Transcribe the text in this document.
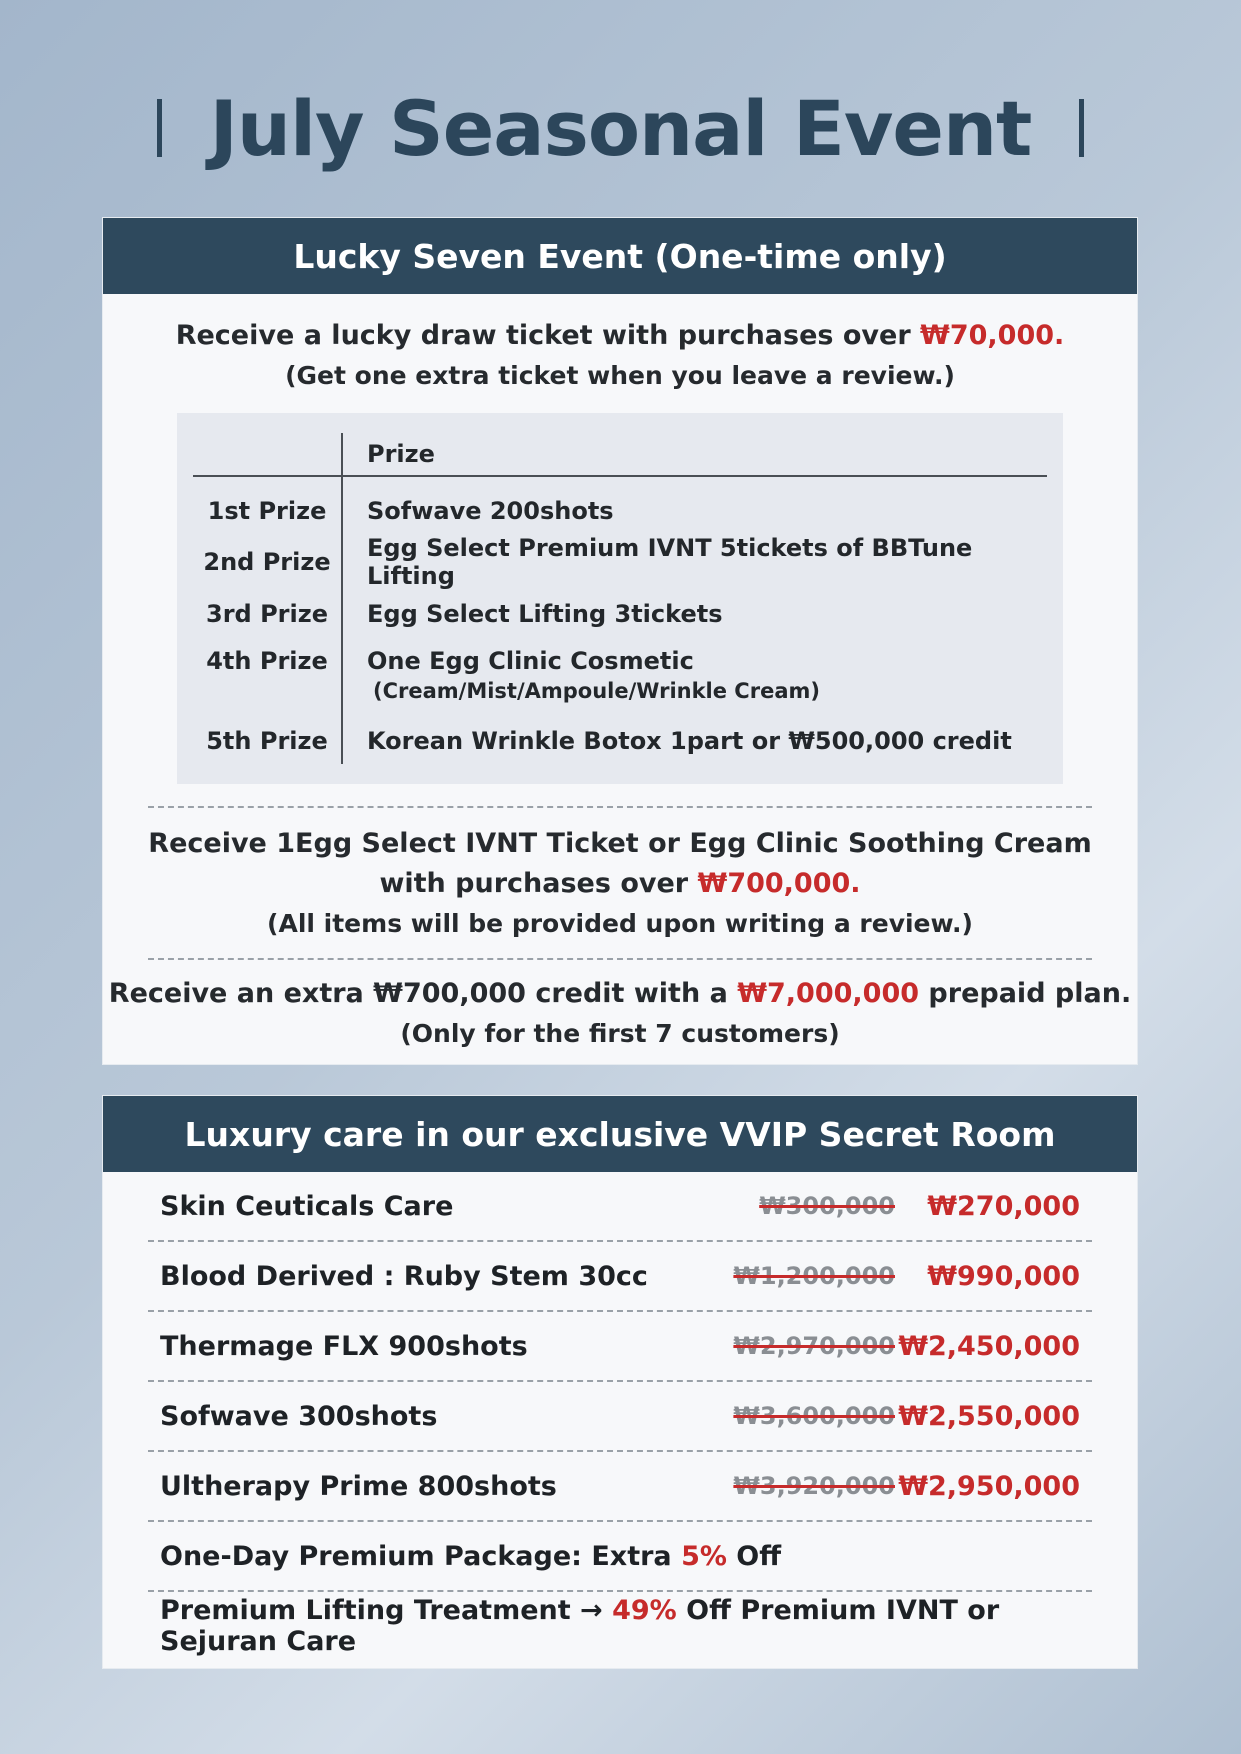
July Seasonal Event
Lucky Seven Event (One-time only)
Receive a lucky draw ticket with purchases over ₩70,000.
(Get one extra ticket when you leave a review.)
	Prize
1st Prize	Sofwave 200shots
2nd Prize	Egg Select Premium IVNT 5tickets of BBTune Lifting
3rd Prize	Egg Select Lifting 3tickets
4th Prize	One Egg Clinic Cosmetic
(Cream/Mist/Ampoule/Wrinkle Cream)

5th Prize	Korean Wrinkle Botox 1part or ₩500,000 credit
Receive 1Egg Select IVNT Ticket or Egg Clinic Soothing Cream
with purchases over ₩700,000.
(All items will be provided upon writing a review.)
Receive an extra ₩700,000 credit with a ₩7,000,000 prepaid plan.
(Only for the first 7 customers)
Luxury care in our exclusive VVIP Secret Room
Skin Ceuticals Care	₩300,000	₩270,000
Blood Derived : Ruby Stem 30cc	₩1,200,000	₩990,000
Thermage FLX 900shots	₩2,970,000 ₩2,450,000
Sofwave 300shots	₩3,600,000 ₩2,550,000
Ultherapy Prime 800shots	₩3,920,000 ₩2,950,000
One-Day Premium Package: Extra 5% Off
Premium Lifting Treatment → 49% Off Premium IVNT or Sejuran Care
